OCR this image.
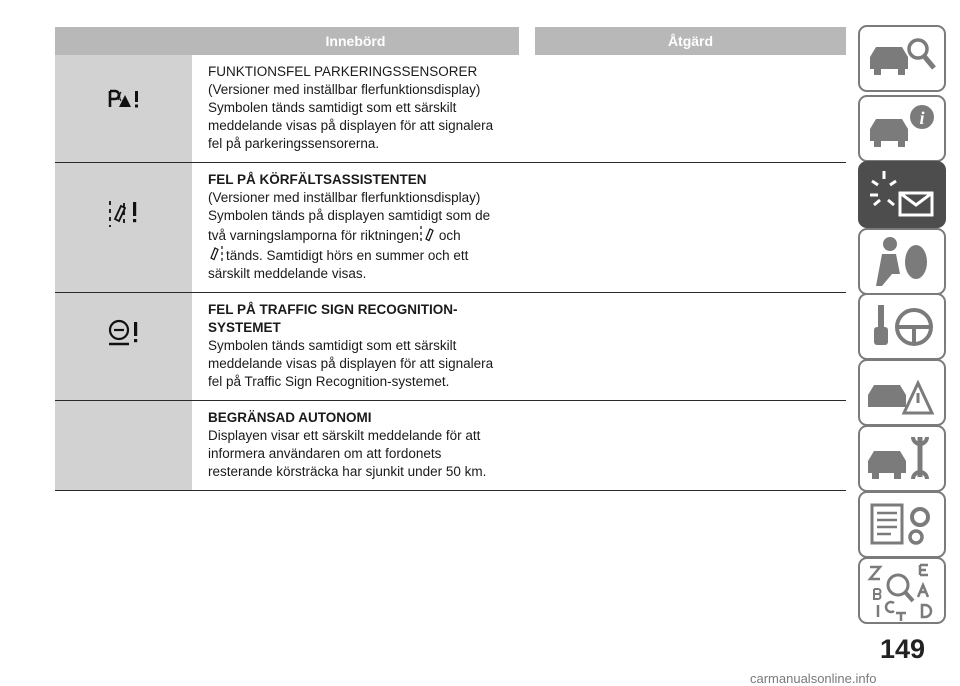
Innebörd	Åtgärd
FUNKTIONSFEL PARKERINGSSENSORER
(Versioner med inställbar flerfunktionsdisplay)
Symbolen tänds samtidigt som ett särskilt
meddelande visas på displayen för att signalera
fel på parkeringssensorerna.
FEL PÅ KÖRFÄLTSASSISTENTEN
(Versioner med inställbar flerfunktionsdisplay)
Symbolen tänds på displayen samtidigt som de
två varningslamporna för riktningen och
tänds. Samtidigt hörs en summer och ett
särskilt meddelande visas.
FEL PÅ TRAFFIC SIGN RECOGNITION-
SYSTEMET
Symbolen tänds samtidigt som ett särskilt
meddelande visas på displayen för att signalera
fel på Traffic Sign Recognition-systemet.
BEGRÄNSAD AUTONOMI
Displayen visar ett särskilt meddelande för att
informera användaren om att fordonets
resterande körsträcka har sjunkit under 50 km.
i
149
carmanualsonline.info
